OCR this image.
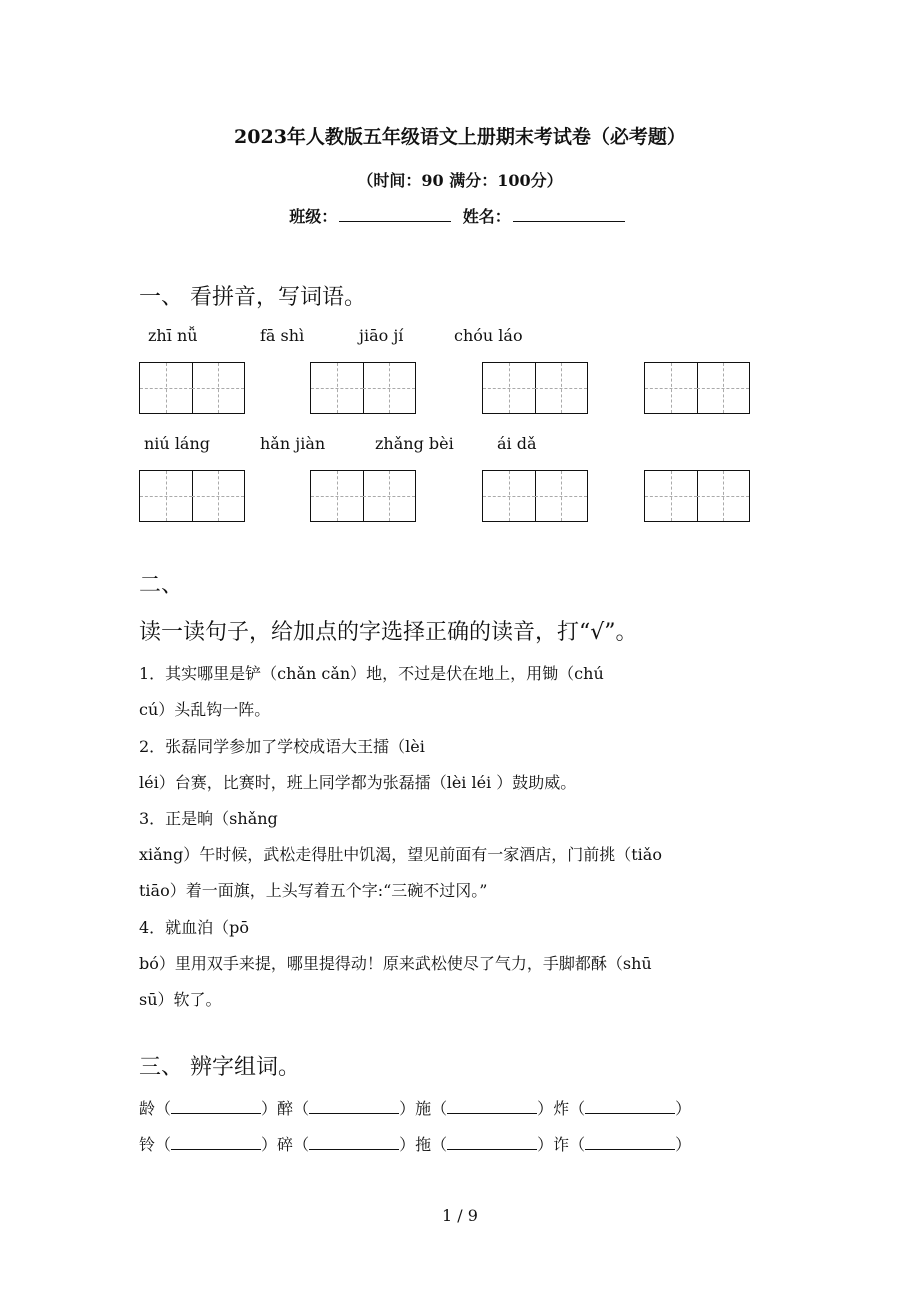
2023年人教版五年级语文上册期末考试卷（必考题）
（时间：90 满分：100分）
班级：	姓名：
一、 看拼音，写词语。
zhī nǚ	fā shì	jiāo jí	chóu láo
niú láng	hǎn jiàn	zhǎng bèi	ái dǎ
二、
读一读句子，给加点的字选择正确的读音，打“√”。
1．其实哪里是铲（chǎn cǎn）地，不过是伏在地上，用锄（chú
cú）头乱钩一阵。
2．张磊同学参加了学校成语大王擂（lèi
léi）台赛，比赛时，班上同学都为张磊擂（lèi léi ）鼓助威。
3．正是晌（shǎng
xiǎng）午时候，武松走得肚中饥渴，望见前面有一家酒店，门前挑（tiǎo
tiāo）着一面旗，上头写着五个字:“三碗不过冈。”
4．就血泊（pō
bó）里用双手来提，哪里提得动！原来武松使尽了气力，手脚都酥（shū
sū）软了。
三、 辨字组词。
龄（	）醉（	）施（	）炸（	）
铃（	）碎（	）拖（	）诈（	）
1 / 9
